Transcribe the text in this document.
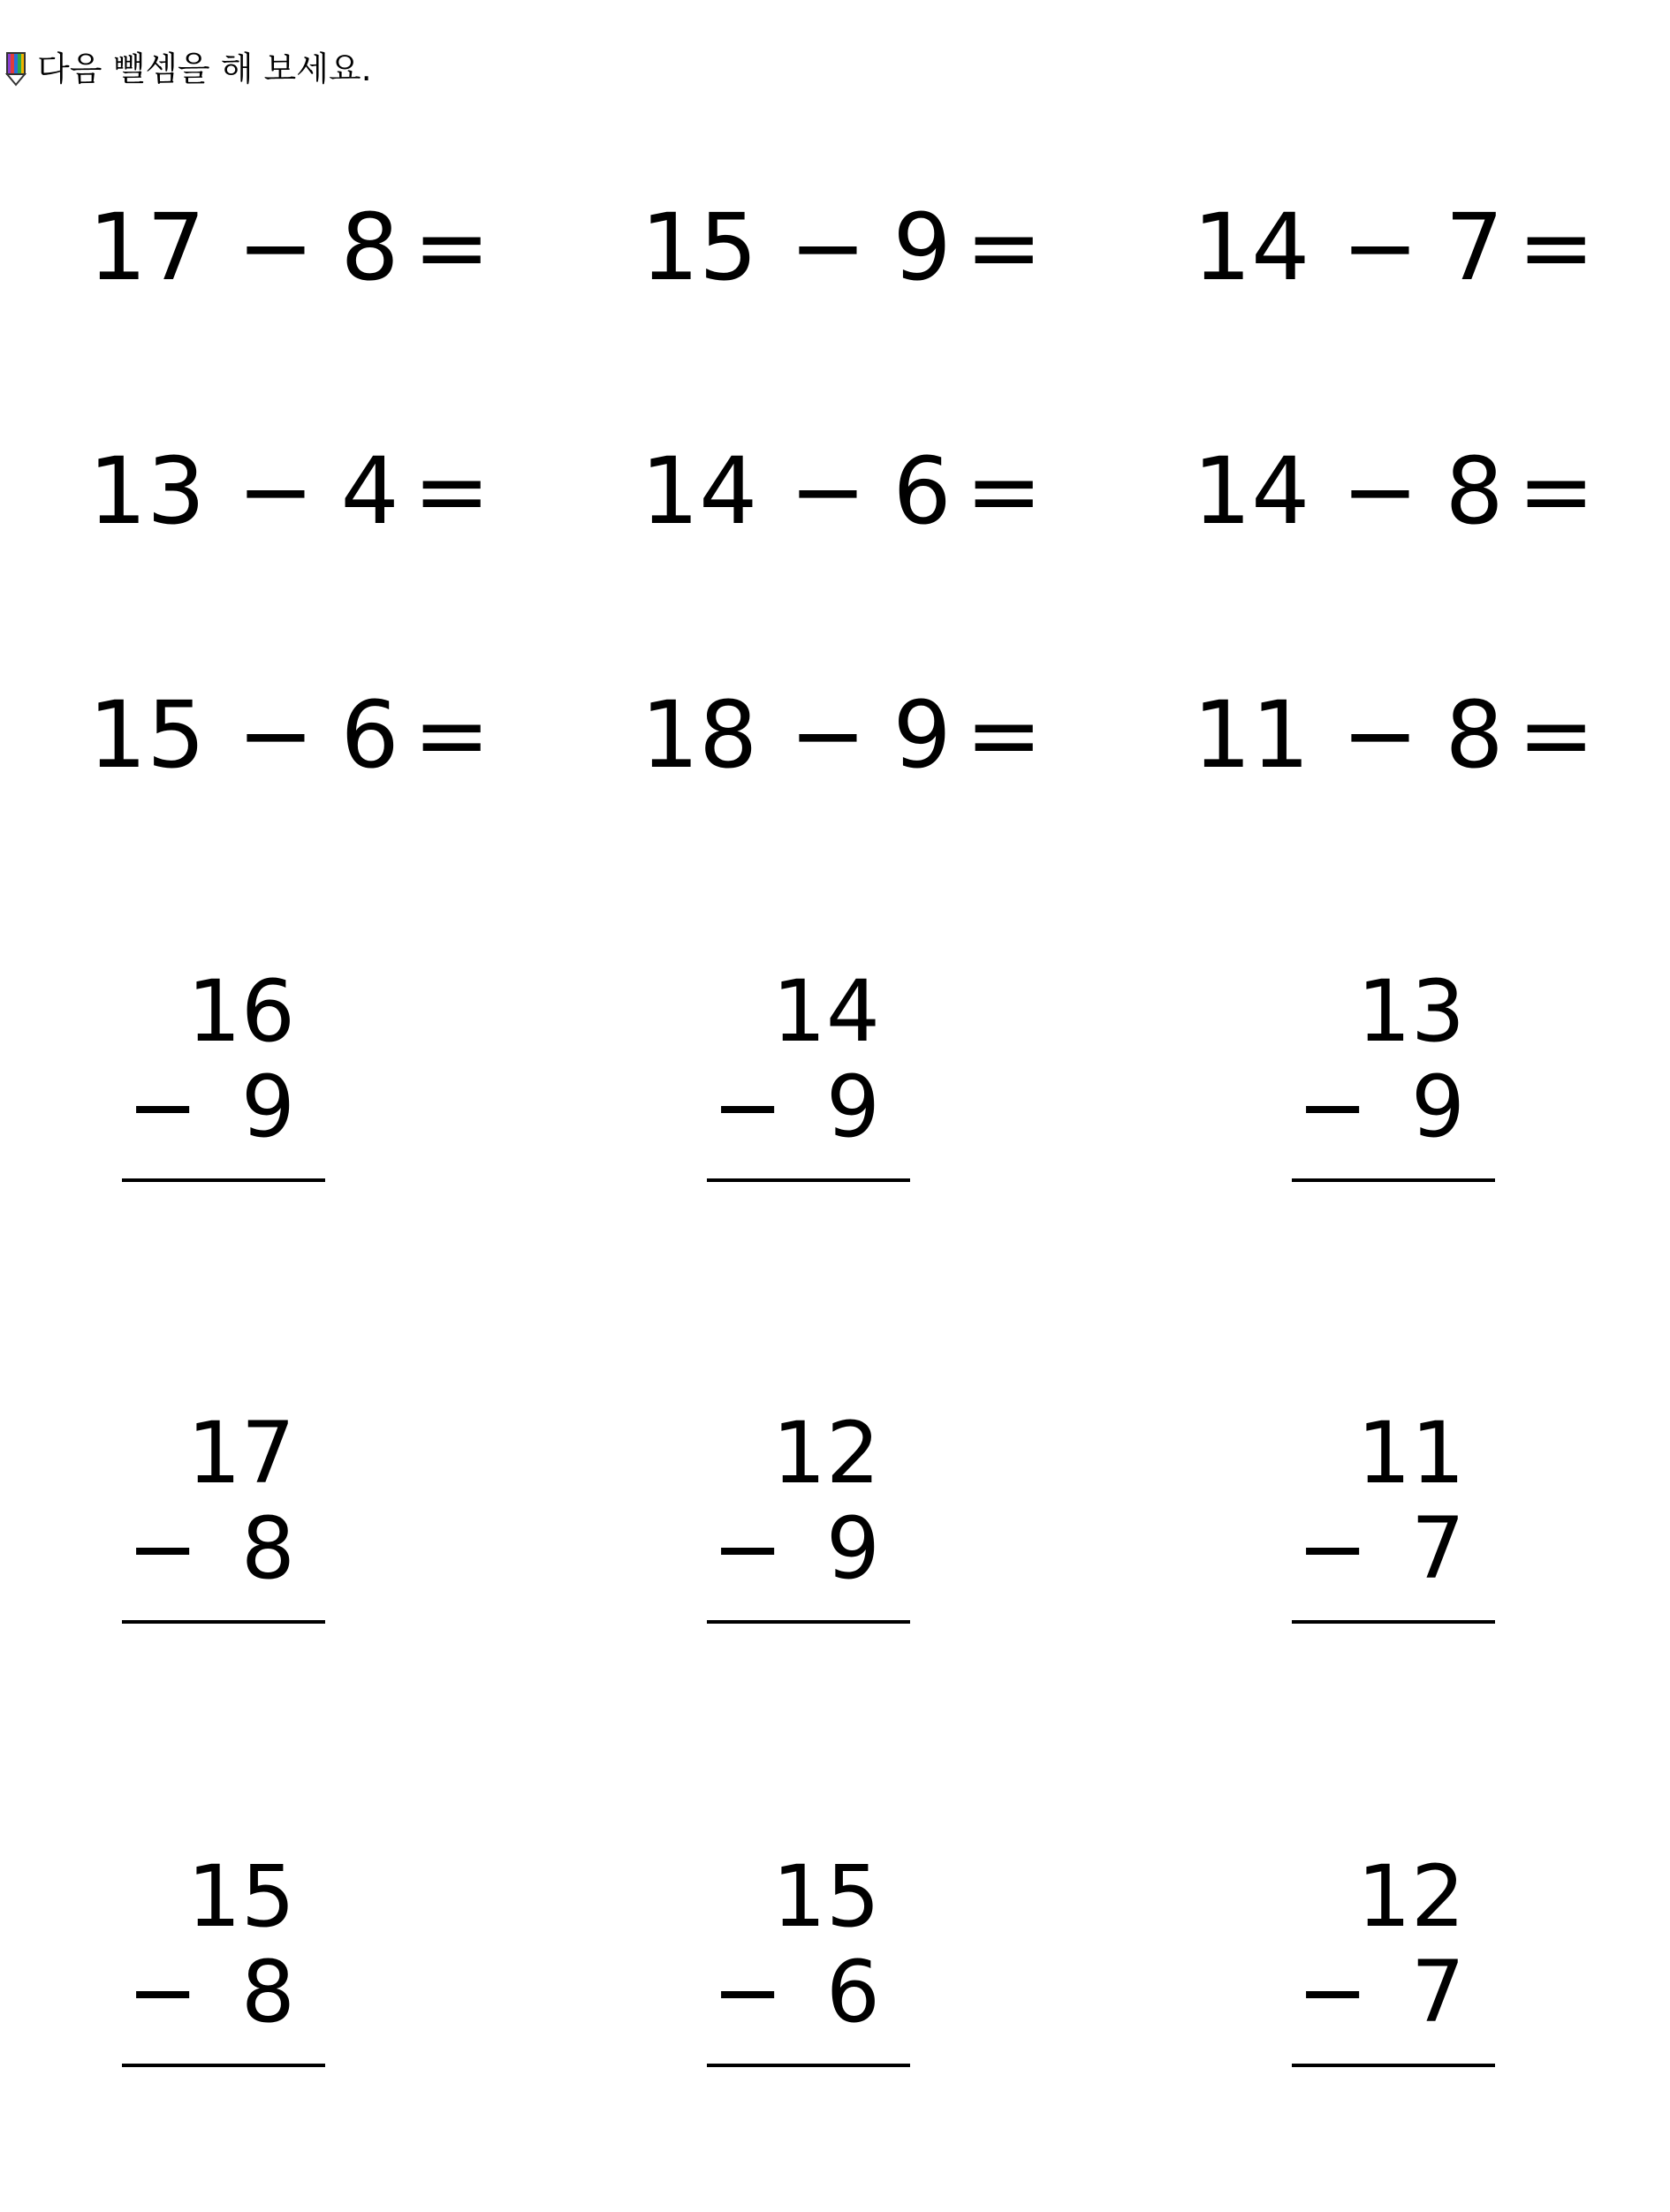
다음 뺄셈을 해 보세요.
17 − 8 = 15 − 9 = 14 − 7 =
13 − 4 = 14 − 6 = 14 − 8 =
15 − 6 = 18 − 9 = 11 − 8 =
16
− 9
14
− 9
13
− 9
17
− 8
12
− 9
11
− 7
15
− 8
15
− 6
12
− 7
